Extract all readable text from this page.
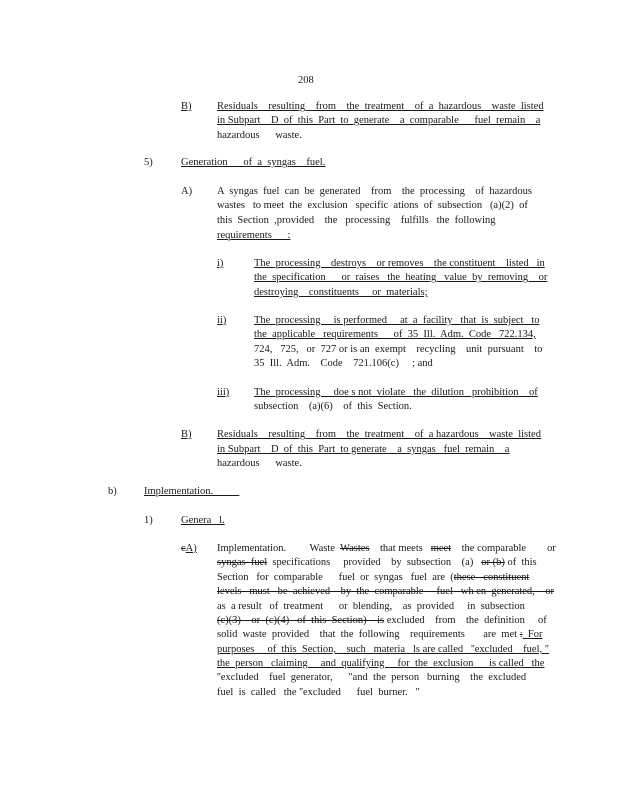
208
B) Residuals    resulting    from    the  treatment    of  a  hazardous    waste  listed
in Subpart    D  of  this  Part  to  generate    a  comparable      fuel  remain    a
hazardous      waste.
5)	Generation      of  a  syngas    fuel.
A) A  syngas  fuel  can  be  generated    from    the  processing    of  hazardous
wastes   to meet  the  exclusion   specific  ations  of  subsection   (a)(2)  of
this  Section  ,provided    the   processing    fulfills   the  following
requirements      :
i)	The  processing    destroys    or removes    the constituent    listed   in
the  specification      or  raises   the  heating   value  by  removing    or
destroying    constituents     or  materials;
ii)	The  processing     is performed     at  a  facility   that  is  subject   to
the  applicable   requirements      of  35  Ill.  Adm.  Code   722.134,
724,   725,   or  727 or is an  exempt    recycling    unit  pursuant    to
35  Ill.  Adm.    Code    721.106(c)     ; and
iii) The  processing     doe s not  violate   the  dilution   prohibition    of
subsection    (a)(6)    of  this  Section.
B) Residuals    resulting    from    the  treatment    of  a hazardous    waste  listed
in Subpart    D  of  this  Part  to generate    a  syngas   fuel  remain    a
hazardous      waste.
b)	Implementation.
1)	Genera   l.
cA) Implementation.         Waste  Wastes    that meets   meet    the comparable        or
syngas  fuel  specifications     provided    by  subsection    (a)   or (b) of  this
Section   for  comparable      fuel  or  syngas   fuel  are  (these   constituent
levels   must   be  achieved    by  the  comparable     fuel   wh en  generated,    or
as  a result   of  treatment      or  blending,    as  provided     in  subsection
(c)(3)    or  (c)(4)   of  this  Section)    is excluded    from    the  definition     of
solid  waste  provided    that  the  following    requirements       are  met :  For
purposes     of  this  Section,    such   materia   ls are called   ''excluded    fuel, "
the  person   claiming     and  qualifying     for  the  exclusion      is called   the
''excluded    fuel  generator,      "and  the  person   burning    the  excluded
fuel  is  called   the ''excluded      fuel  burner.   "
